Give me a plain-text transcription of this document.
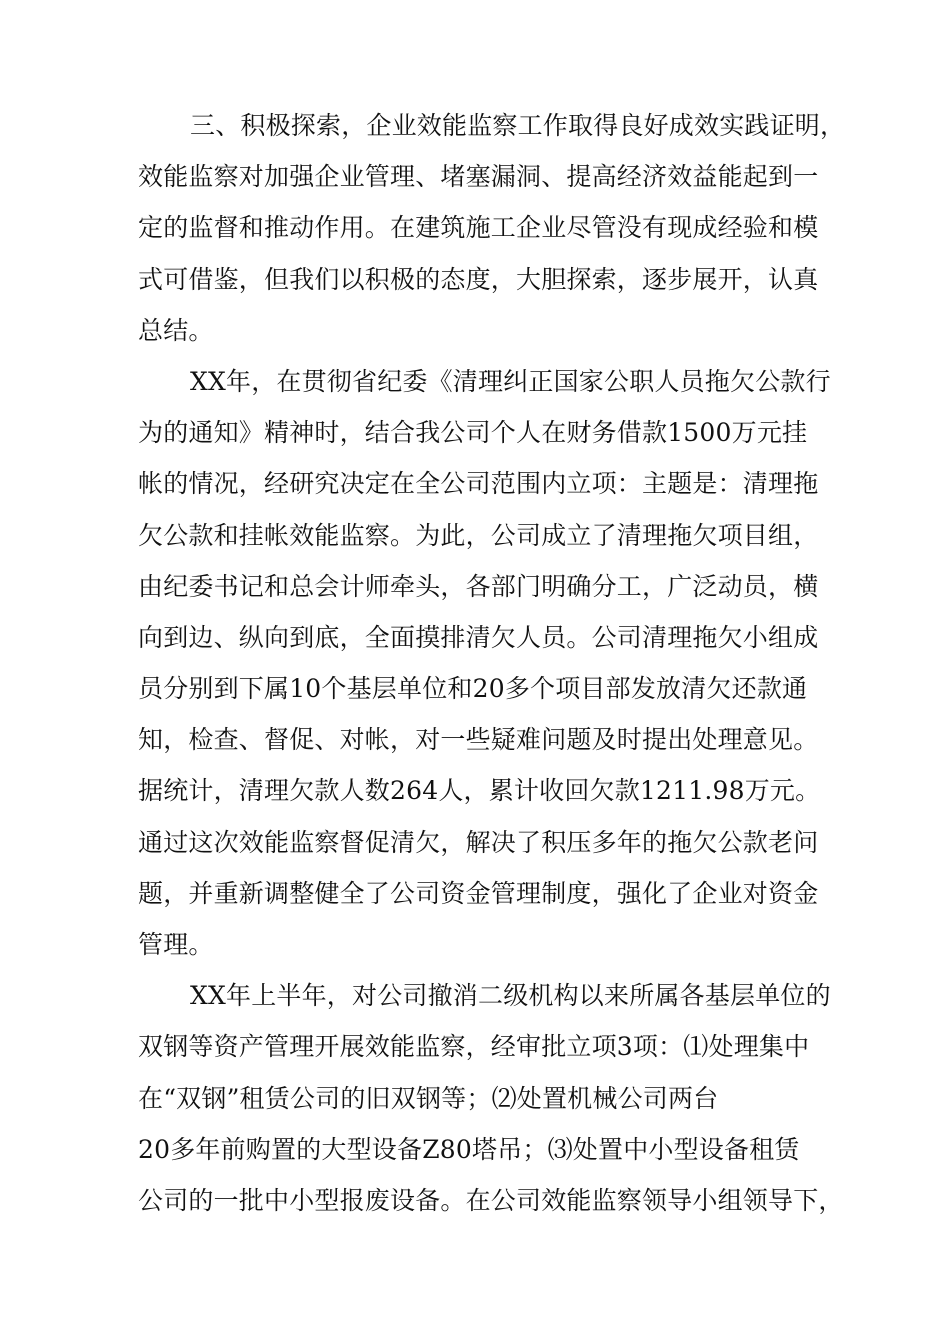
三、积极探索，企业效能监察工作取得良好成效实践证明，
效能监察对加强企业管理、堵塞漏洞、提高经济效益能起到一
定的监督和推动作用。在建筑施工企业尽管没有现成经验和模
式可借鉴，但我们以积极的态度，大胆探索，逐步展开，认真
总结。
XX年，在贯彻省纪委《清理纠正国家公职人员拖欠公款行
为的通知》精神时，结合我公司个人在财务借款1500万元挂
帐的情况，经研究决定在全公司范围内立项：主题是：清理拖
欠公款和挂帐效能监察。为此，公司成立了清理拖欠项目组，
由纪委书记和总会计师牵头，各部门明确分工，广泛动员，横
向到边、纵向到底，全面摸排清欠人员。公司清理拖欠小组成
员分别到下属10个基层单位和20多个项目部发放清欠还款通
知，检查、督促、对帐，对一些疑难问题及时提出处理意见。
据统计，清理欠款人数264人，累计收回欠款1211.98万元。
通过这次效能监察督促清欠，解决了积压多年的拖欠公款老问
题，并重新调整健全了公司资金管理制度，强化了企业对资金
管理。
XX年上半年，对公司撤消二级机构以来所属各基层单位的
双钢等资产管理开展效能监察，经审批立项3项：⑴处理集中
在“双钢”租赁公司的旧双钢等；⑵处置机械公司两台
20多年前购置的大型设备Z80塔吊；⑶处置中小型设备租赁
公司的一批中小型报废设备。在公司效能监察领导小组领导下，
